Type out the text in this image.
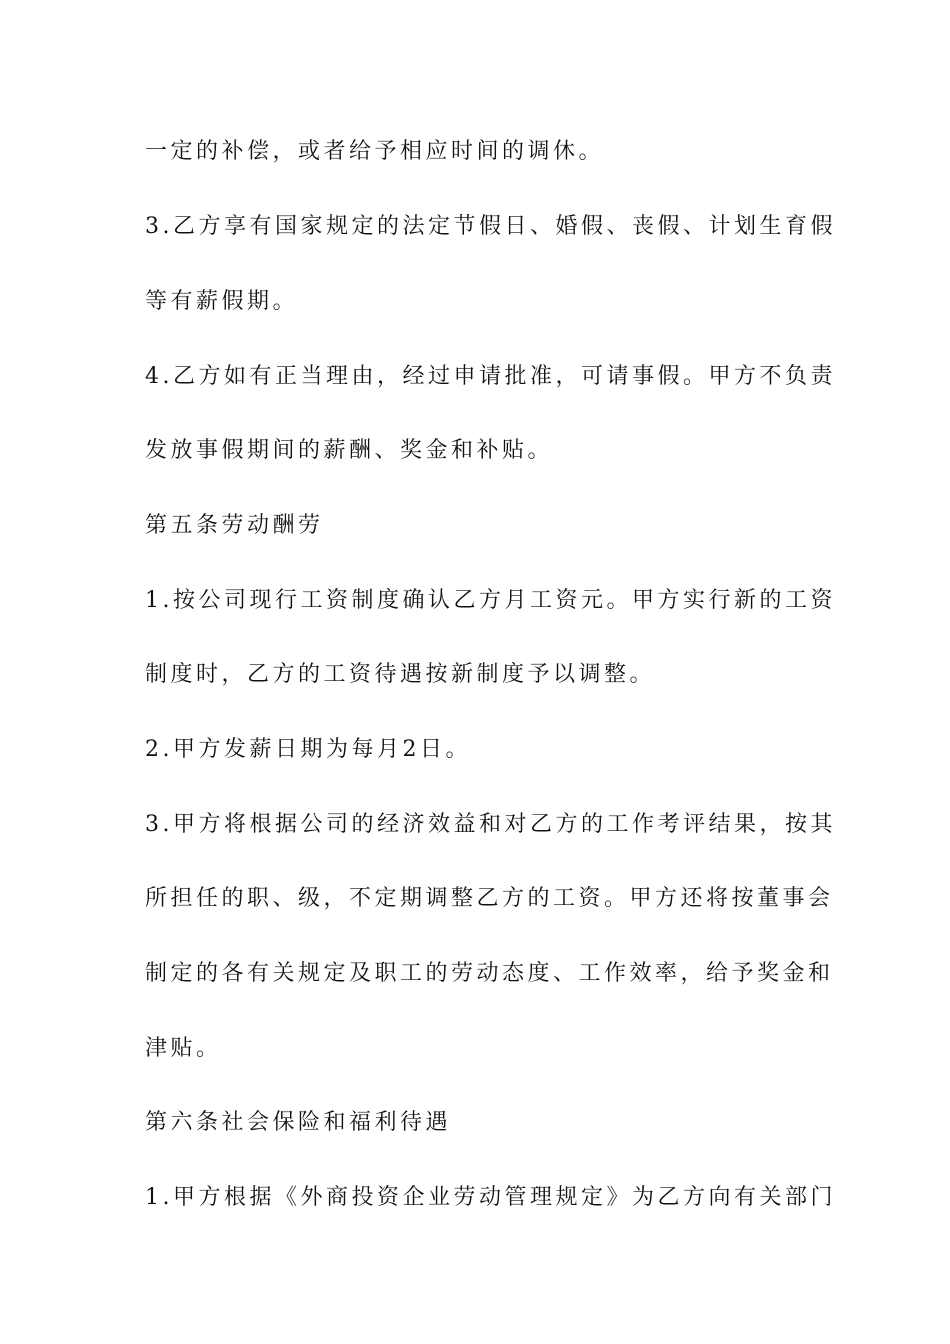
一定的补偿，或者给予相应时间的调休。
3.乙方享有国家规定的法定节假日、婚假、丧假、计划生育假
等有薪假期。
4.乙方如有正当理由，经过申请批准，可请事假。甲方不负责
发放事假期间的薪酬、奖金和补贴。
第五条劳动酬劳
1.按公司现行工资制度确认乙方月工资元。甲方实行新的工资
制度时，乙方的工资待遇按新制度予以调整。
2.甲方发薪日期为每月2日。
3.甲方将根据公司的经济效益和对乙方的工作考评结果，按其
所担任的职、级，不定期调整乙方的工资。甲方还将按董事会
制定的各有关规定及职工的劳动态度、工作效率，给予奖金和
津贴。
第六条社会保险和福利待遇
1.甲方根据《外商投资企业劳动管理规定》为乙方向有关部门
